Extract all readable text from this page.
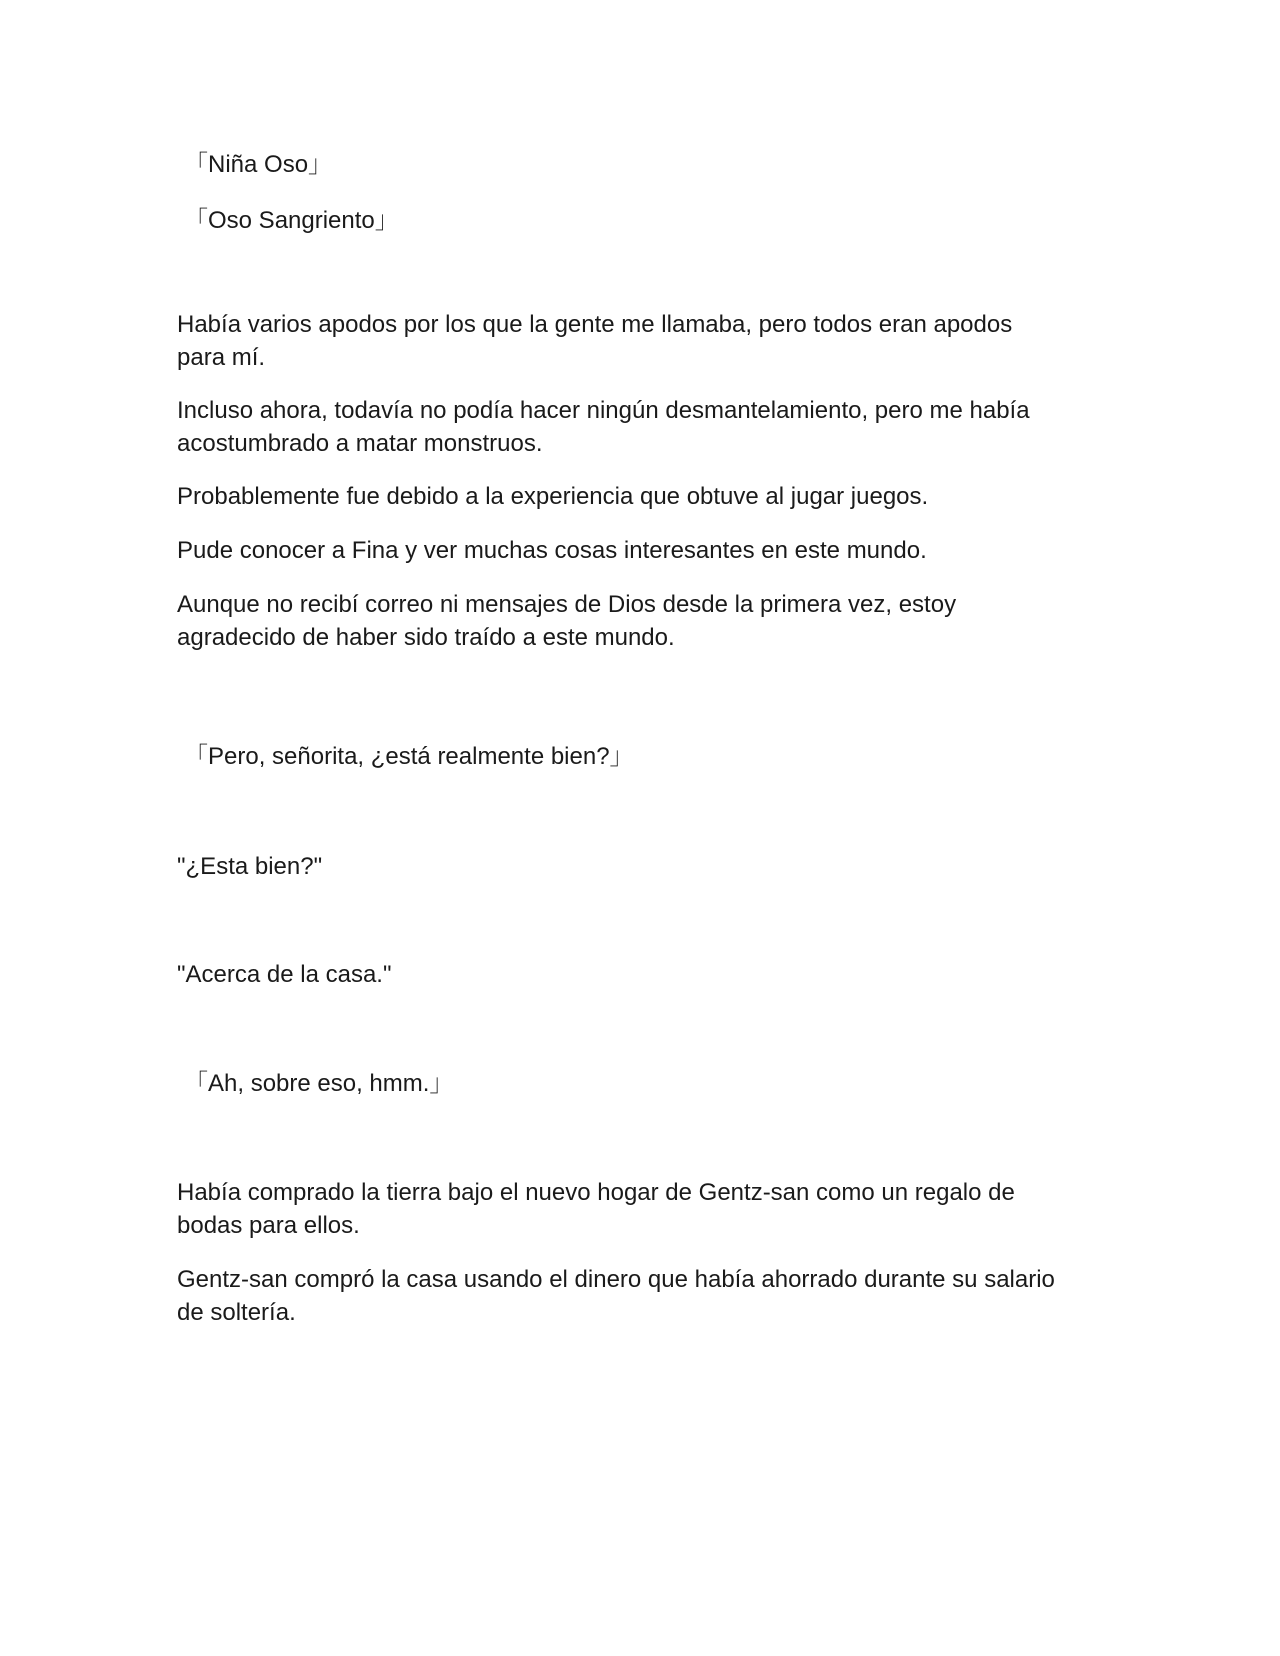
「Niña Oso」

「Oso Sangriento」

Había varios apodos por los que la gente me llamaba, pero todos eran apodos

para mí.

Incluso ahora, todavía no podía hacer ningún desmantelamiento, pero me había

acostumbrado a matar monstruos.

Probablemente fue debido a la experiencia que obtuve al jugar juegos.

Pude conocer a Fina y ver muchas cosas interesantes en este mundo.

Aunque no recibí correo ni mensajes de Dios desde la primera vez, estoy

agradecido de haber sido traído a este mundo.

「Pero, señorita, ¿está realmente bien?」

"¿Esta bien?"

"Acerca de la casa."

「Ah, sobre eso, hmm.」

Había comprado la tierra bajo el nuevo hogar de Gentz-san como un regalo de

bodas para ellos.

Gentz-san compró la casa usando el dinero que había ahorrado durante su salario

de soltería.
